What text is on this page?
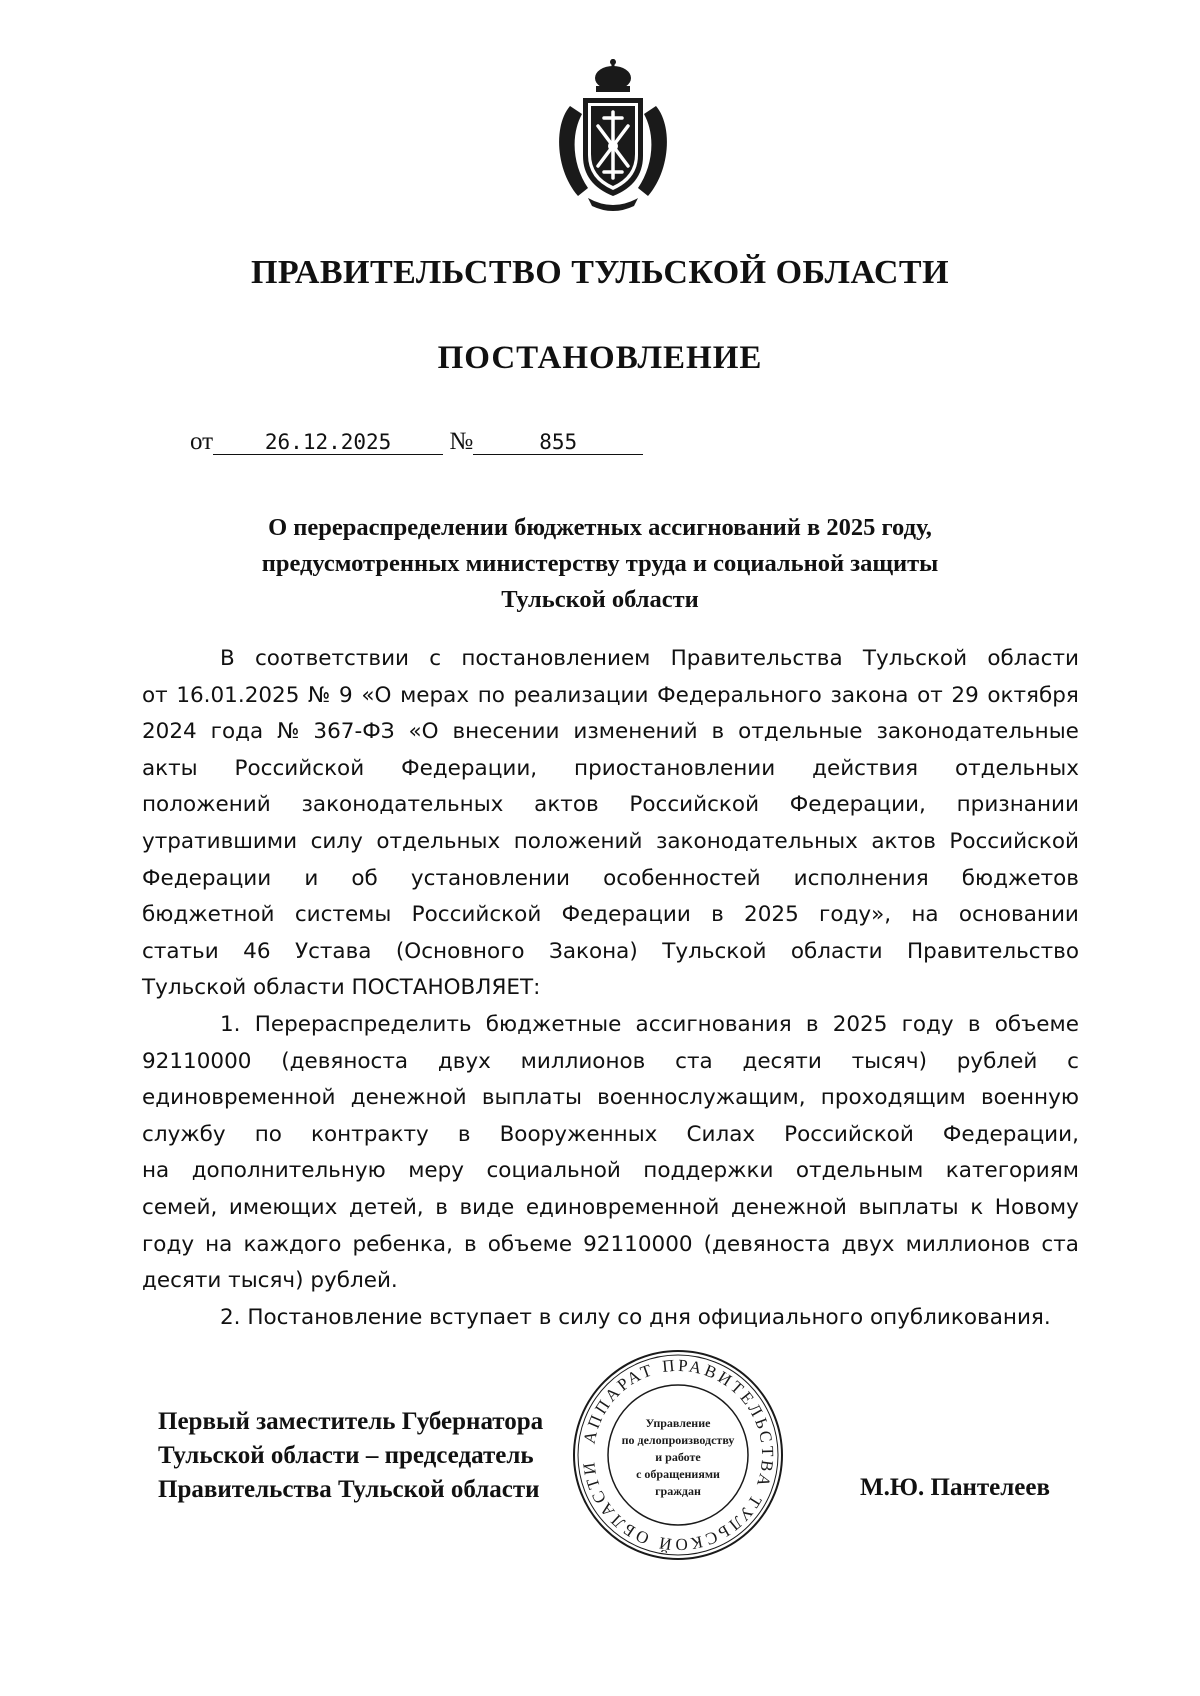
ПРАВИТЕЛЬСТВО ТУЛЬСКОЙ ОБЛАСТИ
ПОСТАНОВЛЕНИЕ
от 26.12.2025 №	855
О перераспределении бюджетных ассигнований в 2025 году,
предусмотренных министерству труда и социальной защиты
Тульской области
В соответствии с постановлением Правительства Тульской области
от 16.01.2025 № 9 «О мерах по реализации Федерального закона от 29 октября
2024 года № 367-ФЗ «О внесении изменений в отдельные законодательные
акты Российской Федерации, приостановлении действия отдельных
положений законодательных актов Российской Федерации, признании
утратившими силу отдельных положений законодательных актов Российской
Федерации и об установлении особенностей исполнения бюджетов
бюджетной системы Российской Федерации в 2025 году», на основании
статьи 46 Устава (Основного Закона) Тульской области Правительство
Тульской области ПОСТАНОВЛЯЕТ:
1. Перераспределить бюджетные ассигнования в 2025 году в объеме
92110000 (девяноста двух миллионов ста десяти тысяч) рублей с
единовременной денежной выплаты военнослужащим, проходящим военную
службу по контракту в Вооруженных Силах Российской Федерации,
на дополнительную меру социальной поддержки отдельным категориям
семей, имеющих детей, в виде единовременной денежной выплаты к Новому
году на каждого ребенка, в объеме 92110000 (девяноста двух миллионов ста
десяти тысяч) рублей.
2. Постановление вступает в силу со дня официального опубликования.
Первый заместитель Губернатора
Тульской области – председатель
Правительства Тульской области	М.Ю. Пантелеев
АППАРАТ ПРАВИТЕЛЬСТВА ТУЛЬСКОЙ ОБЛАСТИ
Управление
по делопроизводству
и работе
с обращениями
граждан
